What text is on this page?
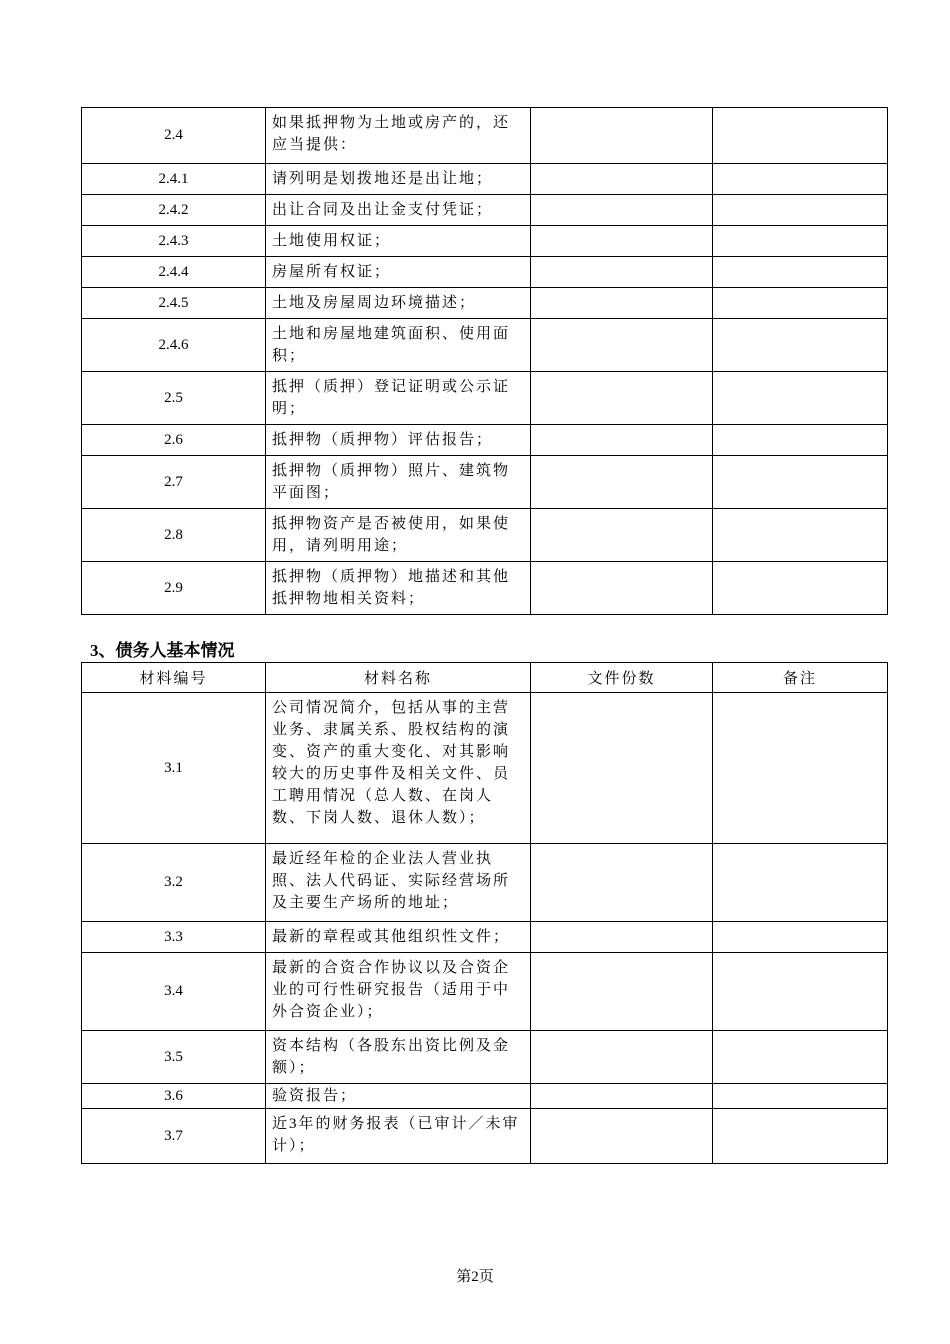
2.4	如果抵押物为土地或房产的，还应当提供：		
2.4.1	请列明是划拨地还是出让地；		
2.4.2	出让合同及出让金支付凭证；		
2.4.3	土地使用权证；		
2.4.4	房屋所有权证；		
2.4.5	土地及房屋周边环境描述；		
2.4.6	土地和房屋地建筑面积、使用面积；		
2.5	抵押（质押）登记证明或公示证明；		
2.6	抵押物（质押物）评估报告；		
2.7	抵押物（质押物）照片、建筑物平面图；		
2.8	抵押物资产是否被使用，如果使用，请列明用途；		
2.9	抵押物（质押物）地描述和其他抵押物地相关资料；		
3、债务人基本情况
材料编号	材料名称	文件份数	备注
3.1	公司情况简介，包括从事的主营业务、隶属关系、股权结构的演变、资产的重大变化、对其影响较大的历史事件及相关文件、员工聘用情况（总人数、在岗人数、下岗人数、退休人数）；		
3.2	最近经年检的企业法人营业执照、法人代码证、实际经营场所及主要生产场所的地址；		
3.3	最新的章程或其他组织性文件；		
3.4	最新的合资合作协议以及合资企业的可行性研究报告（适用于中外合资企业）；		
3.5	资本结构（各股东出资比例及金额）；		
3.6	验资报告；		
3.7	近3年的财务报表（已审计／未审计）；		
第2页
